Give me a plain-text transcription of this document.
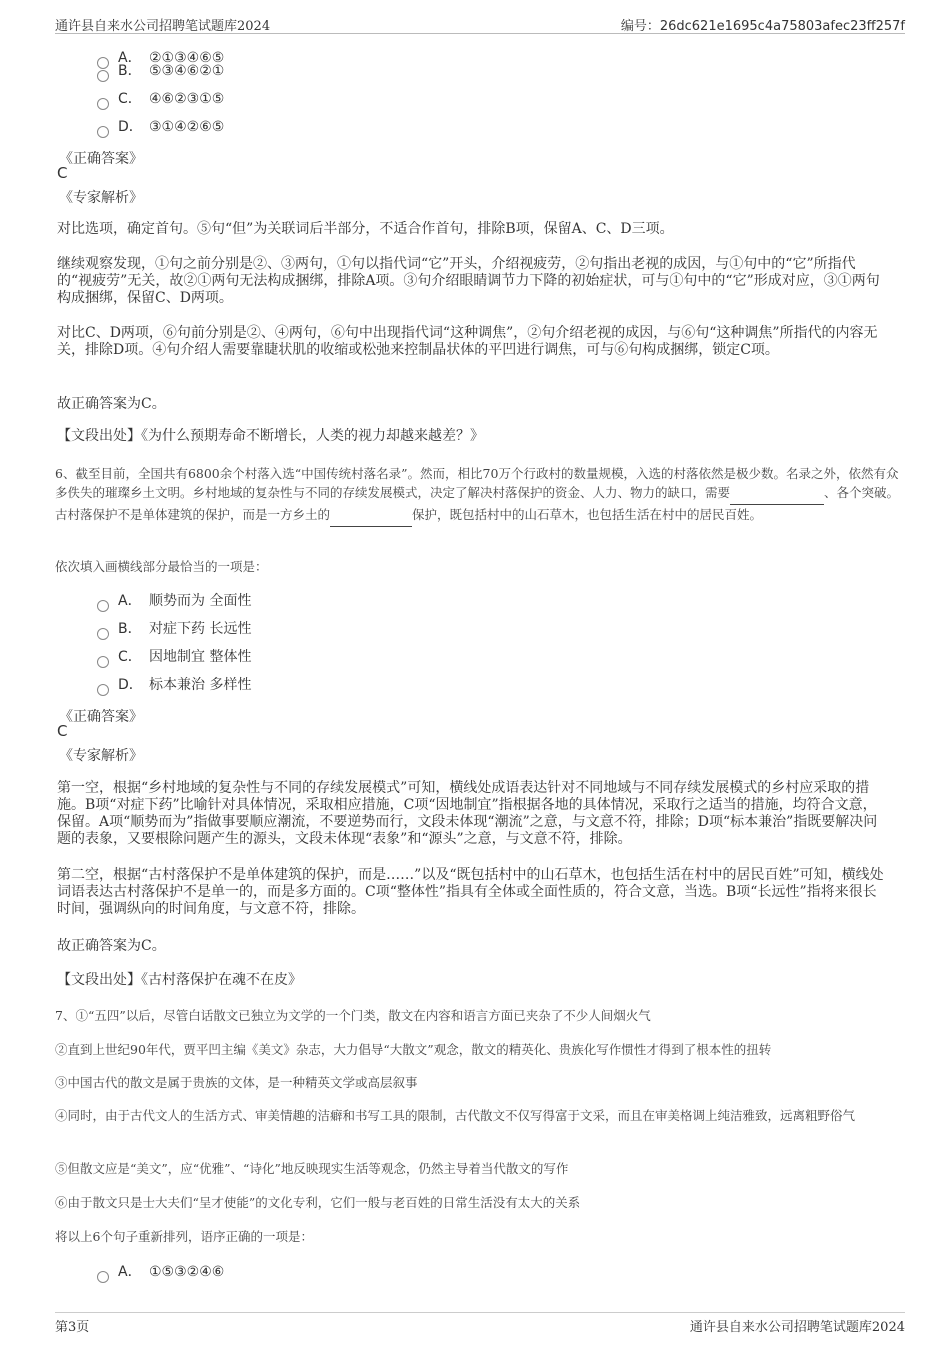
通许县自来水公司招聘笔试题库2024	编号：26dc621e1695c4a75803afec23ff257f
A． ②①③④⑥⑤
B． ⑤③④⑥②①
C． ④⑥②③①⑤
D． ③①④②⑥⑤
《正确答案》
C
《专家解析》
对比选项，确定首句。⑤句“但”为关联词后半部分，不适合作首句，排除B项，保留A、C、D三项。
继续观察发现，①句之前分别是②、③两句，①句以指代词“它”开头，介绍视疲劳，②句指出老视的成因，与①句中的“它”所指代的“视疲劳”无关，故②①两句无法构成捆绑，排除A项。③句介绍眼睛调节力下降的初始症状，可与①句中的“它”形成对应，③①两句构成捆绑，保留C、D两项。
对比C、D两项，⑥句前分别是②、④两句，⑥句中出现指代词“这种调焦”，②句介绍老视的成因，与⑥句“这种调焦”所指代的内容无关，排除D项。④句介绍人需要靠睫状肌的收缩或松弛来控制晶状体的平凹进行调焦，可与⑥句构成捆绑，锁定C项。
故正确答案为C。
【文段出处】《为什么预期寿命不断增长，人类的视力却越来越差？》
6、截至目前，全国共有6800余个村落入选“中国传统村落名录”。然而，相比70万个行政村的数量规模，入选的村落依然是极少数。名录之外，依然有众多佚失的璀璨乡土文明。乡村地域的复杂性与不同的存续发展模式，决定了解决村落保护的资金、人力、物力的缺口，需要	、各个突破。古村落保护不是单体建筑的保护，而是一方乡土的	保护，既包括村中的山石草木，也包括生活在村中的居民百姓。
依次填入画横线部分最恰当的一项是：
A． 顺势而为 全面性
B． 对症下药 长远性
C． 因地制宜 整体性
D． 标本兼治 多样性
《正确答案》
C
《专家解析》
第一空，根据“乡村地域的复杂性与不同的存续发展模式”可知，横线处成语表达针对不同地域与不同存续发展模式的乡村应采取的措施。B项“对症下药”比喻针对具体情况，采取相应措施，C项“因地制宜”指根据各地的具体情况，采取行之适当的措施，均符合文意，保留。A项“顺势而为”指做事要顺应潮流，不要逆势而行，文段未体现“潮流”之意，与文意不符，排除；D项“标本兼治”指既要解决问题的表象，又要根除问题产生的源头，文段未体现“表象”和“源头”之意，与文意不符，排除。
第二空，根据“古村落保护不是单体建筑的保护，而是……”以及“既包括村中的山石草木，也包括生活在村中的居民百姓”可知，横线处词语表达古村落保护不是单一的，而是多方面的。C项“整体性”指具有全体或全面性质的，符合文意，当选。B项“长远性”指将来很长时间，强调纵向的时间角度，与文意不符，排除。
故正确答案为C。
【文段出处】《古村落保护在魂不在皮》
7、①“五四”以后，尽管白话散文已独立为文学的一个门类，散文在内容和语言方面已夹杂了不少人间烟火气
②直到上世纪90年代，贾平凹主编《美文》杂志，大力倡导“大散文”观念，散文的精英化、贵族化写作惯性才得到了根本性的扭转
③中国古代的散文是属于贵族的文体，是一种精英文学或高层叙事
④同时，由于古代文人的生活方式、审美情趣的洁癖和书写工具的限制，古代散文不仅写得富于文采，而且在审美格调上纯洁雅致，远离粗野俗气
⑤但散文应是“美文”，应“优雅”、“诗化”地反映现实生活等观念，仍然主导着当代散文的写作
⑥由于散文只是士大夫们“呈才使能”的文化专利，它们一般与老百姓的日常生活没有太大的关系
将以上6个句子重新排列，语序正确的一项是：
A． ①⑤③②④⑥
第3页	通许县自来水公司招聘笔试题库2024
